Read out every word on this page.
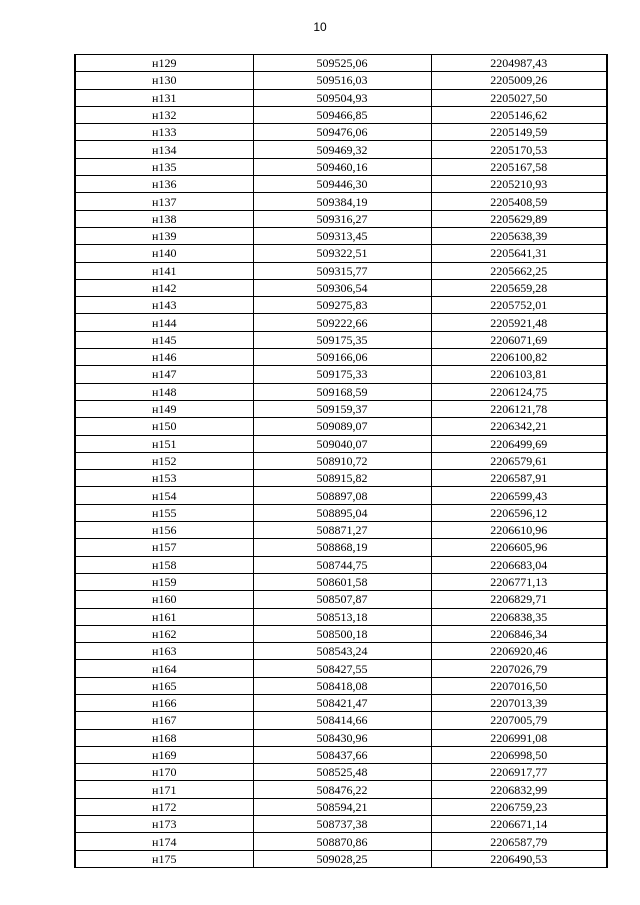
10
н129	509525,06	2204987,43
н130	509516,03	2205009,26
н131	509504,93	2205027,50
н132	509466,85	2205146,62
н133	509476,06	2205149,59
н134	509469,32	2205170,53
н135	509460,16	2205167,58
н136	509446,30	2205210,93
н137	509384,19	2205408,59
н138	509316,27	2205629,89
н139	509313,45	2205638,39
н140	509322,51	2205641,31
н141	509315,77	2205662,25
н142	509306,54	2205659,28
н143	509275,83	2205752,01
н144	509222,66	2205921,48
н145	509175,35	2206071,69
н146	509166,06	2206100,82
н147	509175,33	2206103,81
н148	509168,59	2206124,75
н149	509159,37	2206121,78
н150	509089,07	2206342,21
н151	509040,07	2206499,69
н152	508910,72	2206579,61
н153	508915,82	2206587,91
н154	508897,08	2206599,43
н155	508895,04	2206596,12
н156	508871,27	2206610,96
н157	508868,19	2206605,96
н158	508744,75	2206683,04
н159	508601,58	2206771,13
н160	508507,87	2206829,71
н161	508513,18	2206838,35
н162	508500,18	2206846,34
н163	508543,24	2206920,46
н164	508427,55	2207026,79
н165	508418,08	2207016,50
н166	508421,47	2207013,39
н167	508414,66	2207005,79
н168	508430,96	2206991,08
н169	508437,66	2206998,50
н170	508525,48	2206917,77
н171	508476,22	2206832,99
н172	508594,21	2206759,23
н173	508737,38	2206671,14
н174	508870,86	2206587,79
н175	509028,25	2206490,53
